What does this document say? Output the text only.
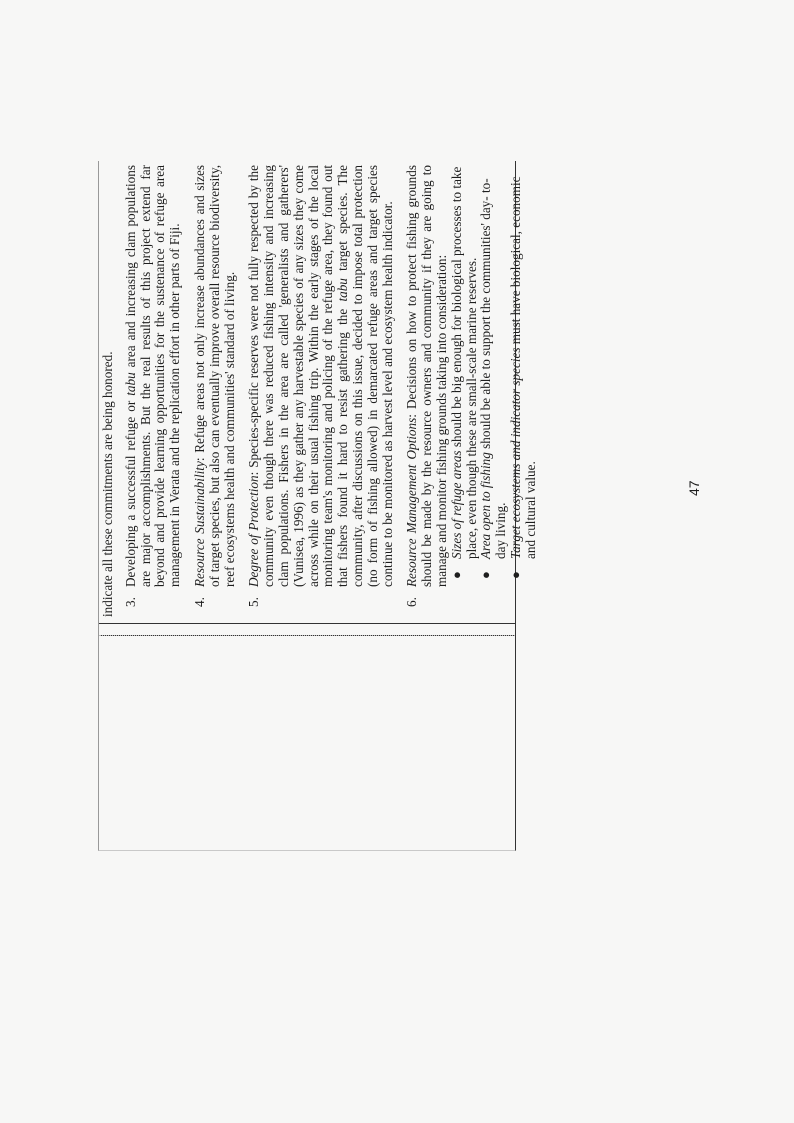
indicate all these commitments are being honored. 3.
Developing a successful refuge or tabu area and increasing clam populations are major accomplishments. But the real results of this project extend far beyond and provide learning opportunities for the sustenance of refuge area management in Verata and the replication effort in other parts of Fiji.
4.
Resource Sustainability: Refuge areas not only increase abundances and sizes of target species, but also can eventually improve overall resource biodiversity, reef ecosystems health and communities' standard of living.
5.
Degree of Protection: Species-specific reserves were not fully respected by the community even though there was reduced fishing intensity and increasing clam populations. Fishers in the area are called 'generalists and gatherers' (Vunisea, 1996) as they gather any harvestable species of any sizes they come across while on their usual fishing trip. Within the early stages of the local monitoring team's monitoring and policing of the refuge area, they found out that fishers found it hard to resist gathering the tabu target species. The community, after discussions on this issue, decided to impose total protection (no form of fishing allowed) in demarcated refuge areas and target species continue to be monitored as harvest level and ecosystem health indicator.
6.
Resource Management Options: Decisions on how to protect fishing grounds should be made by the resource owners and community if they are going to manage and monitor fishing grounds taking into consideration: ●
Sizes of refuge areas should be big enough for biological processes to take place, even though these are small-scale marine reserves.
●
Area open to fishing should be able to support the communities' day- to- day living.
●
Target ecosystems and indicator species must have biological, economic and cultural value.	47
